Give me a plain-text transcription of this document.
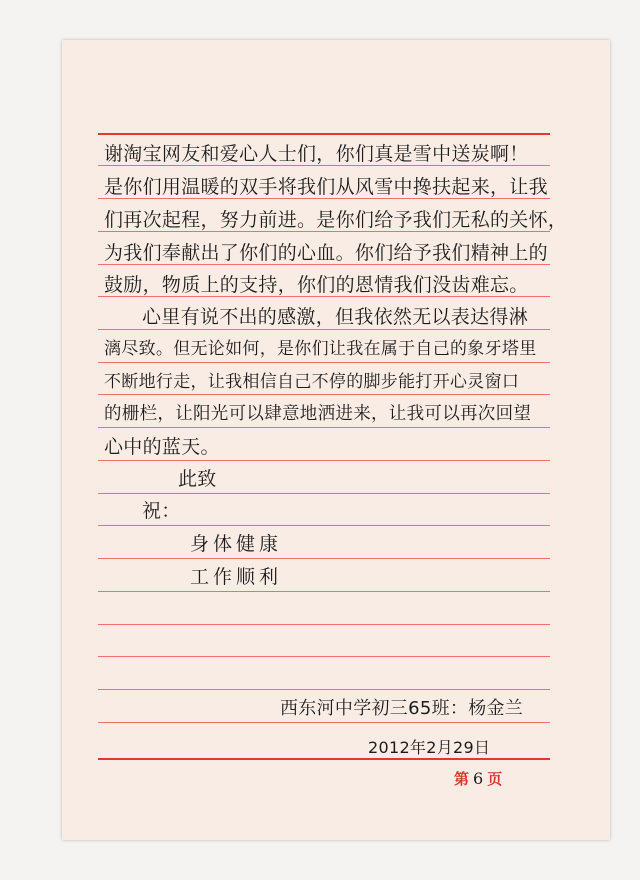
谢淘宝网友和爱心人士们，你们真是雪中送炭啊！
是你们用温暖的双手将我们从风雪中搀扶起来，让我
们再次起程，努力前进。是你们给予我们无私的关怀，
为我们奉献出了你们的心血。你们给予我们精神上的
鼓励，物质上的支持，你们的恩情我们没齿难忘。
心里有说不出的感激，但我依然无以表达得淋
漓尽致。但无论如何，是你们让我在属于自己的象牙塔里
不断地行走，让我相信自己不停的脚步能打开心灵窗口
的栅栏，让阳光可以肆意地洒进来，让我可以再次回望
心中的蓝天。
此致
祝：
身体健康
工作顺利
西东河中学初三65班：杨金兰
2012年2月29日
第 6 页
